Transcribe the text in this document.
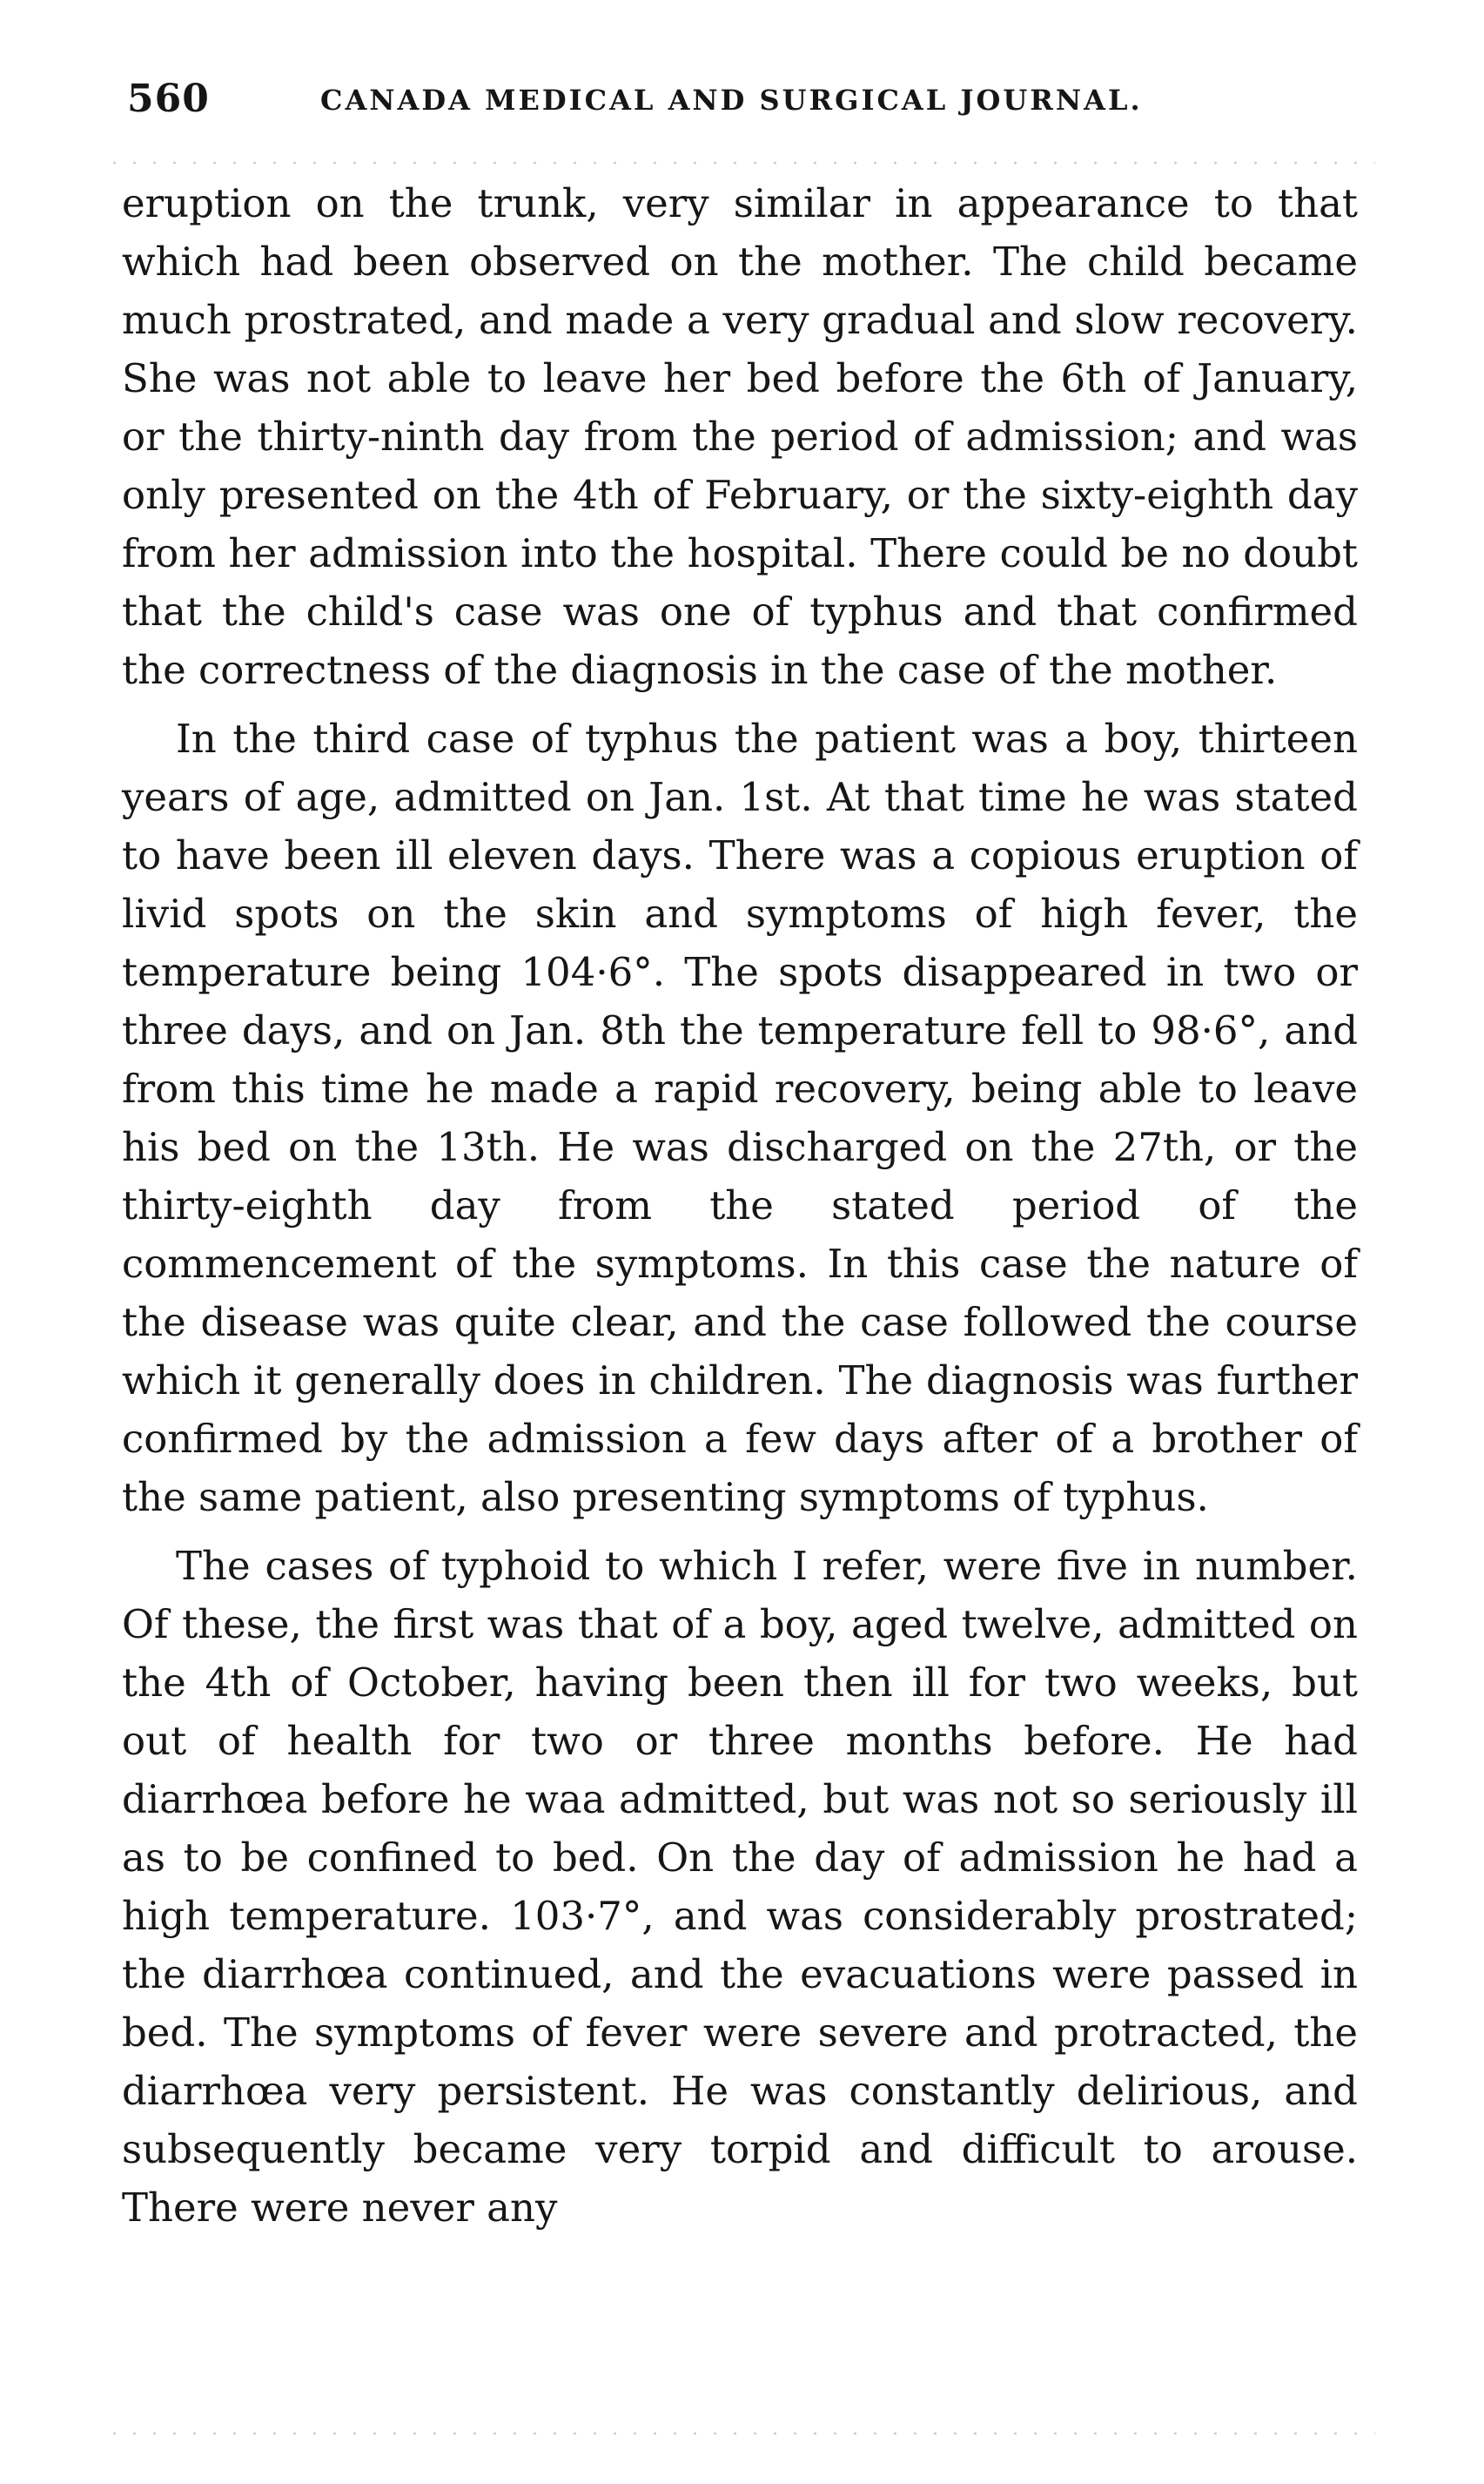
560	CANADA MEDICAL AND SURGICAL JOURNAL.

eruption on the trunk, very similar in appearance to that which had been observed on the mother. The child became much prostrated, and made a very gradual and slow recovery. She was not able to leave her bed before the 6th of January, or the thirty-ninth day from the period of admission; and was only presented on the 4th of February, or the sixty-eighth day from her admission into the hospital. There could be no doubt that the child's case was one of typhus and that confirmed the correctness of the diagnosis in the case of the mother.

In the third case of typhus the patient was a boy, thirteen years of age, admitted on Jan. 1st. At that time he was stated to have been ill eleven days. There was a copious eruption of livid spots on the skin and symptoms of high fever, the temperature being 104·6°. The spots disappeared in two or three days, and on Jan. 8th the temperature fell to 98·6°, and from this time he made a rapid recovery, being able to leave his bed on the 13th. He was discharged on the 27th, or the thirty-eighth day from the stated period of the commencement of the symptoms. In this case the nature of the disease was quite clear, and the case followed the course which it generally does in children. The diagnosis was further confirmed by the admission a few days after of a brother of the same patient, also presenting symptoms of typhus.

The cases of typhoid to which I refer, were five in number. Of these, the first was that of a boy, aged twelve, admitted on the 4th of October, having been then ill for two weeks, but out of health for two or three months before. He had diarrhœa before he waa admitted, but was not so seriously ill as to be confined to bed. On the day of admission he had a high temperature. 103·7°, and was considerably prostrated; the diarrhœa continued, and the evacuations were passed in bed. The symptoms of fever were severe and protracted, the diarrhœa very persistent. He was constantly delirious, and subsequently became very torpid and difficult to arouse. There were never any
